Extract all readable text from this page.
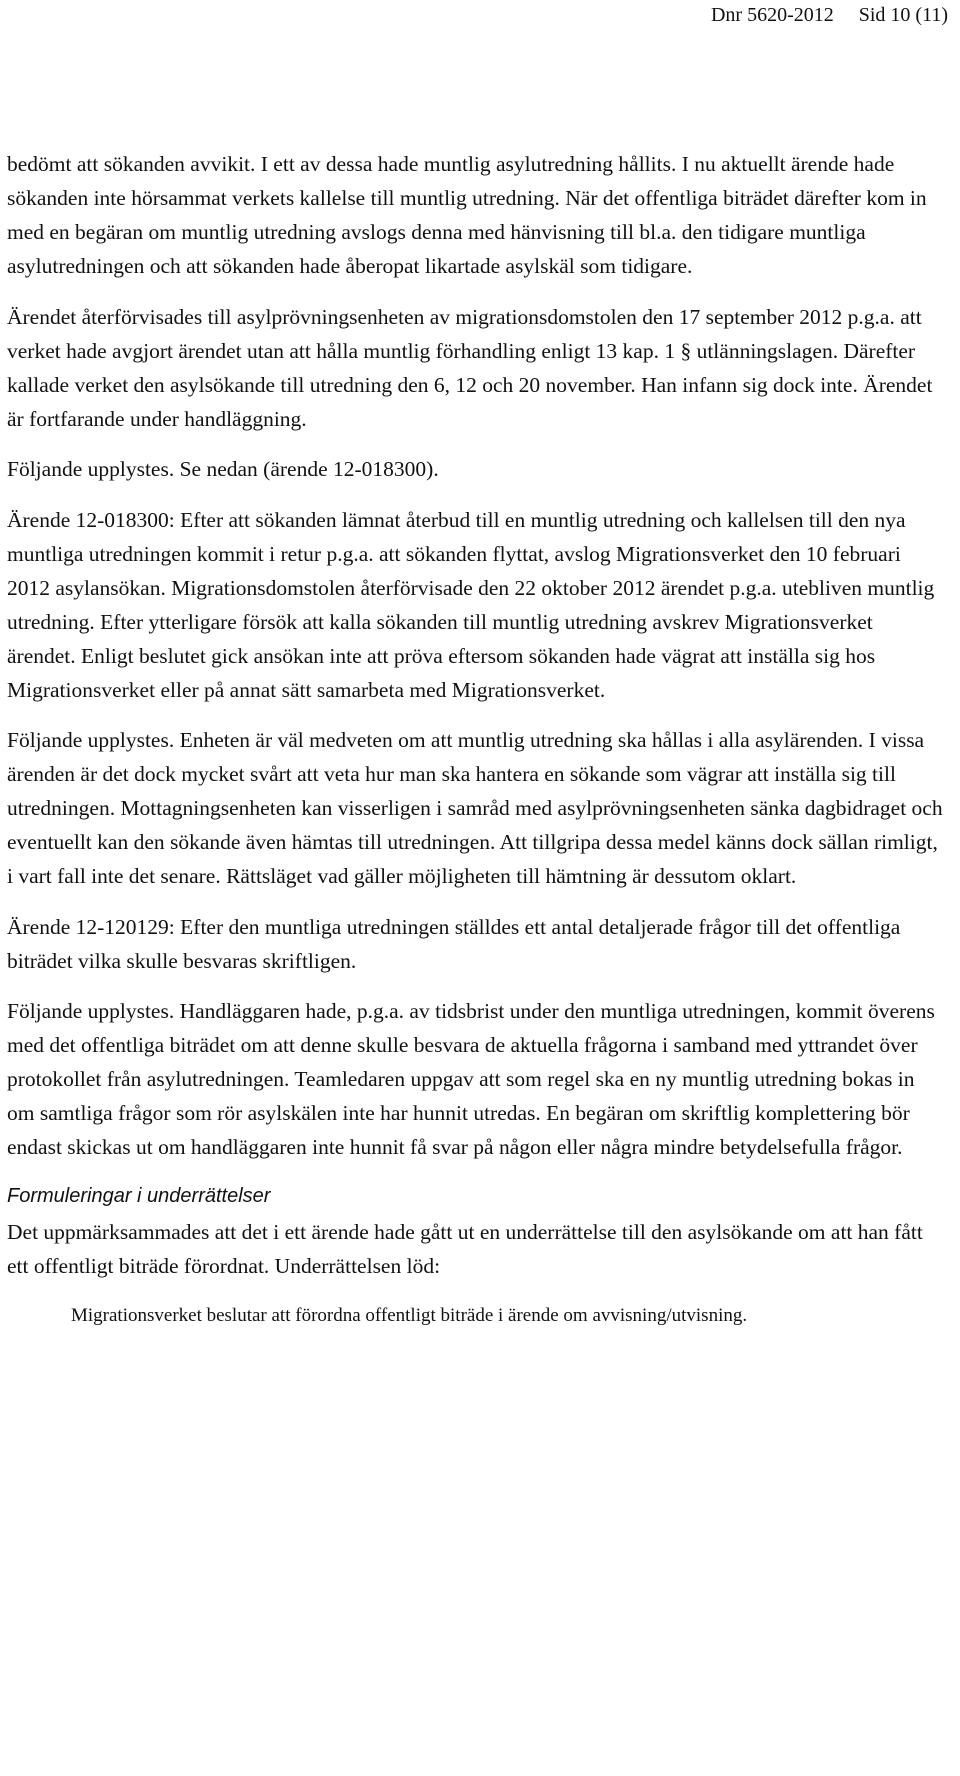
Dnr 5620-2012 Sid 10 (11)

bedömt att sökanden avvikit. I ett av dessa hade muntlig asylutredning hållits. I nu aktuellt ärende hade sökanden inte hörsammat verkets kallelse till muntlig utredning. När det offentliga biträdet därefter kom in med en begäran om muntlig utredning avslogs denna med hänvisning till bl.a. den tidigare muntliga asylutredningen och att sökanden hade åberopat likartade asylskäl som tidigare.

Ärendet återförvisades till asylprövningsenheten av migrationsdomstolen den 17 september 2012 p.g.a. att verket hade avgjort ärendet utan att hålla muntlig förhandling enligt 13 kap. 1 § utlänningslagen. Därefter kallade verket den asylsökande till utredning den 6, 12 och 20 november. Han infann sig dock inte. Ärendet är fortfarande under handläggning.

Följande upplystes. Se nedan (ärende 12-018300).

Ärende 12-018300: Efter att sökanden lämnat återbud till en muntlig utredning och kallelsen till den nya muntliga utredningen kommit i retur p.g.a. att sökanden flyttat, avslog Migrationsverket den 10 februari 2012 asylansökan. Migrationsdomstolen återförvisade den 22 oktober 2012 ärendet p.g.a. utebliven muntlig utredning. Efter ytterligare försök att kalla sökanden till muntlig utredning avskrev Migrationsverket ärendet. Enligt beslutet gick ansökan inte att pröva eftersom sökanden hade vägrat att inställa sig hos Migrationsverket eller på annat sätt samarbeta med Migrationsverket.

Följande upplystes. Enheten är väl medveten om att muntlig utredning ska hållas i alla asylärenden. I vissa ärenden är det dock mycket svårt att veta hur man ska hantera en sökande som vägrar att inställa sig till utredningen. Mottagningsenheten kan visserligen i samråd med asylprövningsenheten sänka dagbidraget och eventuellt kan den sökande även hämtas till utredningen. Att tillgripa dessa medel känns dock sällan rimligt, i vart fall inte det senare. Rättsläget vad gäller möjligheten till hämtning är dessutom oklart.

Ärende 12-120129: Efter den muntliga utredningen ställdes ett antal detaljerade frågor till det offentliga biträdet vilka skulle besvaras skriftligen.

Följande upplystes. Handläggaren hade, p.g.a. av tidsbrist under den muntliga utredningen, kommit överens med det offentliga biträdet om att denne skulle besvara de aktuella frågorna i samband med yttrandet över protokollet från asylutredningen. Teamledaren uppgav att som regel ska en ny muntlig utredning bokas in om samtliga frågor som rör asylskälen inte har hunnit utredas. En begäran om skriftlig komplettering bör endast skickas ut om handläggaren inte hunnit få svar på någon eller några mindre betydelsefulla frågor.

Formuleringar i underrättelser

Det uppmärksammades att det i ett ärende hade gått ut en underrättelse till den asylsökande om att han fått ett offentligt biträde förordnat. Underrättelsen löd:

Migrationsverket beslutar att förordna offentligt biträde i ärende om avvisning/utvisning.
